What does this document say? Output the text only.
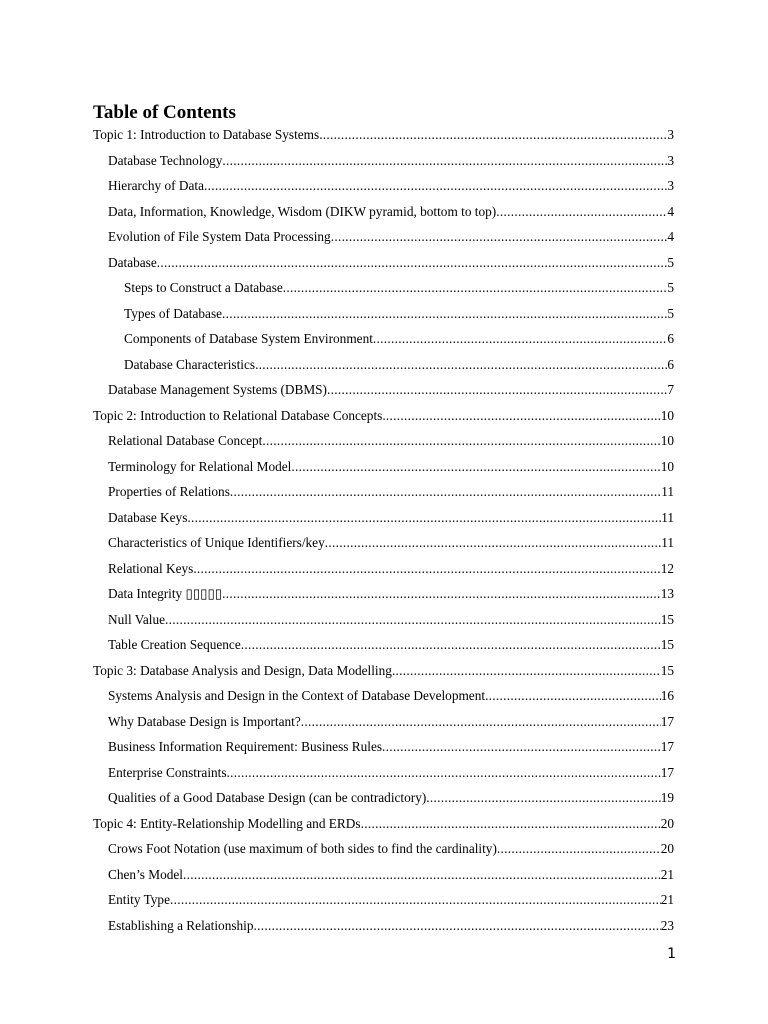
Table of Contents
Topic 1: Introduction to Database Systems .....	3
Database Technology .....	3
Hierarchy of Data .....	3
Data, Information, Knowledge, Wisdom (DIKW pyramid, bottom to top) .....	4
Evolution of File System Data Processing .....	4
Database .....	5
Steps to Construct a Database .....	5
Types of Database .....	5
Components of Database System Environment .....	6
Database Characteristics .....	6
Database Management Systems (DBMS) .....	7
Topic 2: Introduction to Relational Database Concepts .....	10
Relational Database Concept .....	10
Terminology for Relational Model .....	10
Properties of Relations .....	11
Database Keys .....	11
Characteristics of Unique Identifiers/key .....	11
Relational Keys .....	12
Data Integrity ▯▯▯▯▯ .....	13
Null Value .....	15
Table Creation Sequence .....	15
Topic 3: Database Analysis and Design, Data Modelling .....	15
Systems Analysis and Design in the Context of Database Development .....	16
Why Database Design is Important? .....	17
Business Information Requirement: Business Rules .....	17
Enterprise Constraints .....	17
Qualities of a Good Database Design (can be contradictory) .....	19
Topic 4: Entity-Relationship Modelling and ERDs .....	20
Crows Foot Notation (use maximum of both sides to find the cardinality) .....	20
Chen’s Model .....	21
Entity Type .....	21
Establishing a Relationship .....	23
1
